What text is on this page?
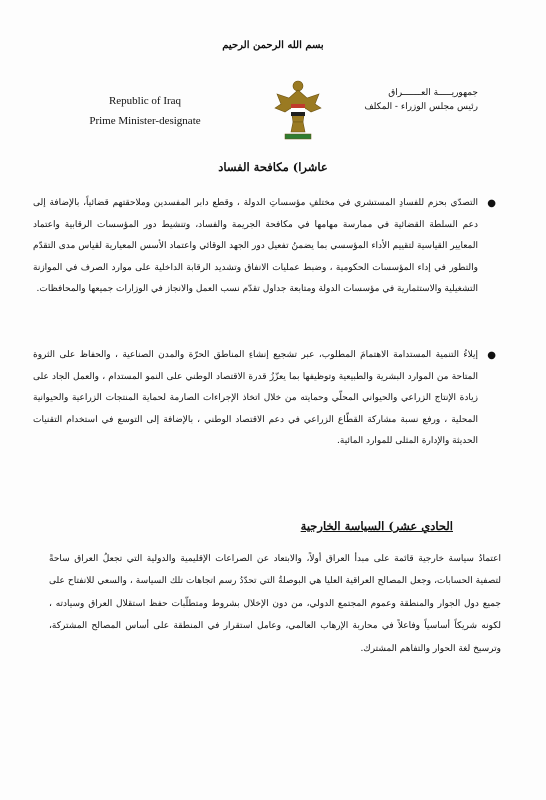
بسم الله الرحمن الرحيم
Republic of Iraq
Prime Minister-designate
جمهوريـــــة العـــــــراق
رئيس مجلس الوزراء - المكلف
عاشرا) مكافحة الفساد
●

التصدّي بحزم للفسادِ المستشري في مختلفِ مؤسساتِ الدولة ، وقطع دابر المفسدين وملاحقتهم قضائياً، بالإضافة إلى دعم السلطة القضائية في ممارسة مهامها في مكافحة الجريمة والفساد، وتنشيط دور المؤسسات الرقابية واعتماد المعايير القياسية لتقييم الأداء المؤسسي بما يضمنُ تفعيل دور الجهد الوقائي واعتماد الأسس المعيارية لقياس مدى التقدّم والتطور في إداء المؤسسات الحكومية ، وضبط عمليات الانفاق وتشديد الرقابة الداخلية على موارد الصرف في الموازنة التشغيلية والاستثمارية في مؤسسات الدولة ومتابعة جداول تقدّم نسب العمل والانجاز في الوزارات جميعها والمحافظات.

●

إيلاءُ التنمية المستدامة الاهتمامَ المطلوب، عبر تشجيع إنشاءِ المناطق الحرّة والمدن الصناعية ، والحفاظ على الثروة المتاحة من الموارد البشرية والطبيعية وتوظيفها بما يعزّزُ قدرة الاقتصاد الوطني على النمو المستدام ، والعمل الجاد على زيادة الإنتاج الزراعي والحيواني المحلّي وحمايته من خلال اتخاذ الإجراءات الصارمة لحماية المنتجات الزراعية والحيوانية المحلية ، ورفع نسبة مشاركة القطّاع الزراعي في دعم الاقتصاد الوطني ، بالإضافة إلى التوسع في استخدام التقنيات الحديثة والإدارة المثلى للموارد المائية.

الحادي عشر) السياسة الخارجية

اعتمادُ سياسة خارجية قائمة على مبدأ العراق أولاً، والابتعاد عن الصراعات الإقليمية والدولية التي تجعلُ العراق ساحةً لتصفية الحسابات، وجعل المصالح العراقية العليا هي البوصلةُ التي تحدّدُ رسم اتجاهات تلك السياسة ، والسعي للانفتاح على جميع دول الجوار والمنطقة وعموم المجتمع الدولي، من دون الإخلال بشروط ومتطلّبات حفظ استقلال العراق وسيادته ، لكونه شريكاً أساسياً وفاعلاً في محاربة الإرهاب العالمي، وعامل استقرار في المنطقة على أساس المصالح المشتركة، وترسيخ لغة الحوار والتفاهم المشترك.
